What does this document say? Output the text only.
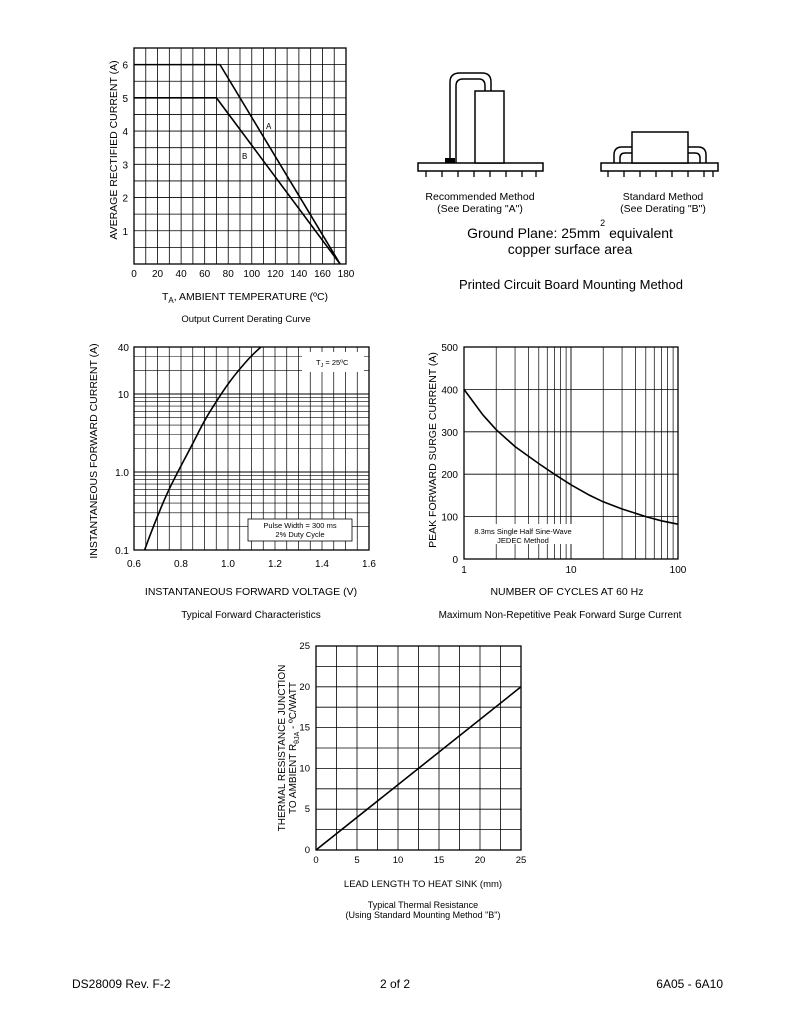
0 20 40 60 80 100 120 140 160 180
1
2
3
4
5
6
A
B
AVERAGE RECTIFIED CURRENT (A)
$T_A$, AMBIENT TEMPERATURE (ºC)
Output Current Derating Curve
Recommended Method
(See Derating "A")
Standard Method
(See Derating "B")
Ground Plane: $25mm^2$ equivalent
copper surface area
Printed Circuit Board Mounting Method
0.6	0.8	1.0	1.2	1.4	1.6
0.1
1.0
10
40
$T_J$ = 25ºC
Pulse Width = 300 ms
2% Duty Cycle
INSTANTANEOUS FORWARD CURRENT (A)
INSTANTANEOUS FORWARD VOLTAGE (V)
Typical Forward Characteristics
1	10	100
0
100
200
300
400
500
8.3ms Single Half Sine-Wave
JEDEC Method
PEAK FORWARD SURGE CURRENT (A)
NUMBER OF CYCLES AT 60 Hz
Maximum Non-Repetitive Peak Forward Surge Current
0	5	10	15	20	25
0
5
10
15
20
25
THERMAL RESISTANCE JUNCTION TO AMBIENT $R_{\theta JA}$ - ºC/WATT
LEAD LENGTH TO HEAT SINK (mm)
Typical Thermal Resistance
(Using Standard Mounting Method "B")
DS28009 Rev. F-2	2 of 2	6A05 - 6A10
